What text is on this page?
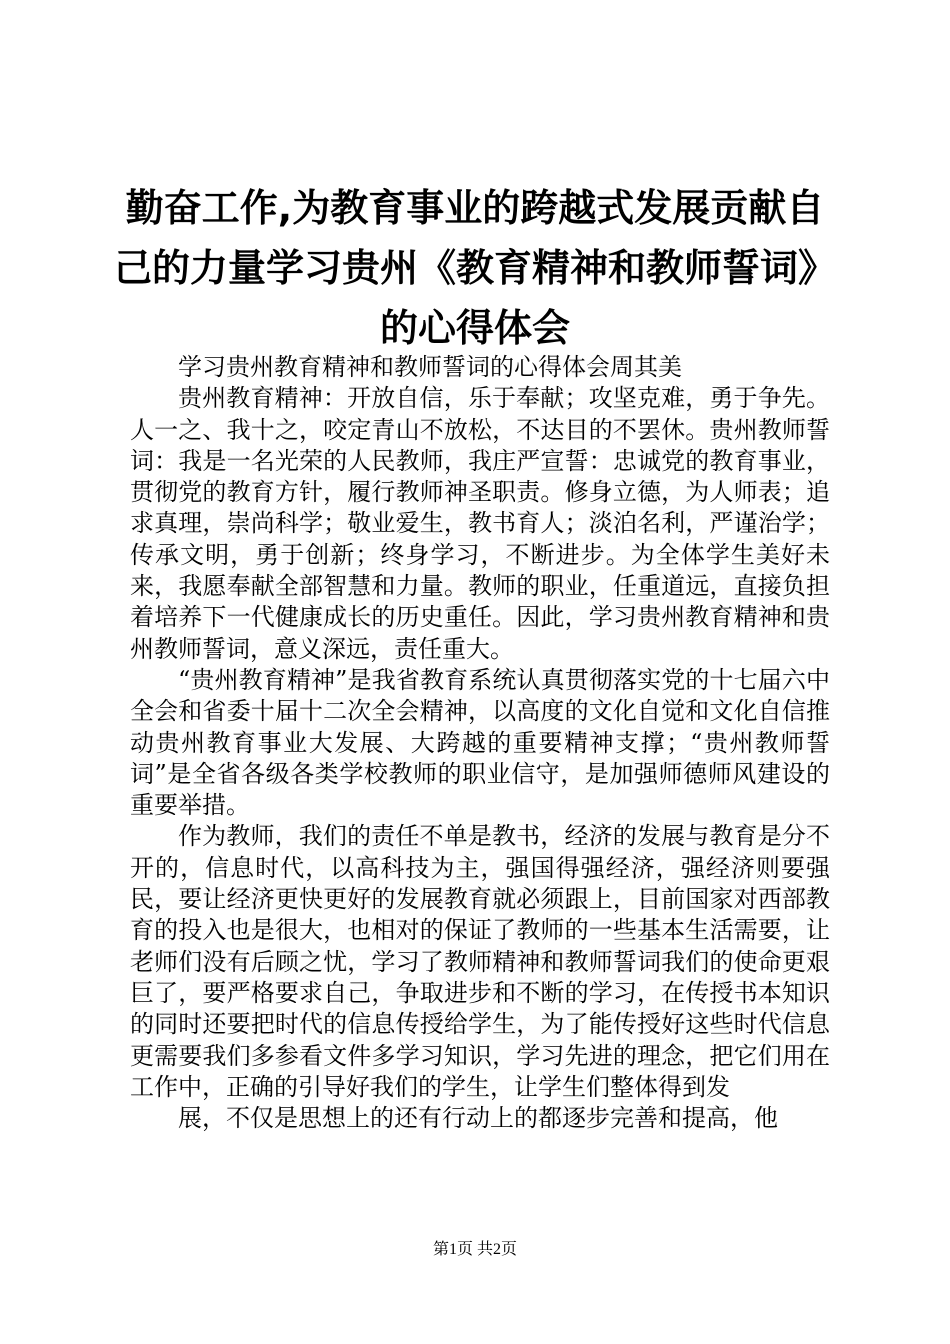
勤奋工作,为教育事业的跨越式发展贡献自己的力量学习贵州《教育精神和教师誓词》的心得体会

学习贵州教育精神和教师誓词的心得体会周其美

贵州教育精神：开放自信，乐于奉献；攻坚克难，勇于争先。人一之、我十之，咬定青山不放松，不达目的不罢休。贵州教师誓词：我是一名光荣的人民教师，我庄严宣誓：忠诚党的教育事业，贯彻党的教育方针，履行教师神圣职责。修身立德，为人师表；追求真理，崇尚科学；敬业爱生，教书育人；淡泊名利，严谨治学；传承文明，勇于创新；终身学习，不断进步。为全体学生美好未来，我愿奉献全部智慧和力量。教师的职业，任重道远，直接负担着培养下一代健康成长的历史重任。因此，学习贵州教育精神和贵州教师誓词，意义深远，责任重大。

“贵州教育精神”是我省教育系统认真贯彻落实党的十七届六中全会和省委十届十二次全会精神，以高度的文化自觉和文化自信推动贵州教育事业大发展、大跨越的重要精神支撑；“贵州教师誓词”是全省各级各类学校教师的职业信守，是加强师德师风建设的重要举措。

作为教师，我们的责任不单是教书，经济的发展与教育是分不开的，信息时代，以高科技为主，强国得强经济，强经济则要强民，要让经济更快更好的发展教育就必须跟上，目前国家对西部教育的投入也是很大，也相对的保证了教师的一些基本生活需要，让老师们没有后顾之忧，学习了教师精神和教师誓词我们的使命更艰巨了，要严格要求自己，争取进步和不断的学习，在传授书本知识的同时还要把时代的信息传授给学生，为了能传授好这些时代信息更需要我们多参看文件多学习知识，学习先进的理念，把它们用在工作中，正确的引导好我们的学生，让学生们整体得到发

展，不仅是思想上的还有行动上的都逐步完善和提高，他

第1页 共2页
